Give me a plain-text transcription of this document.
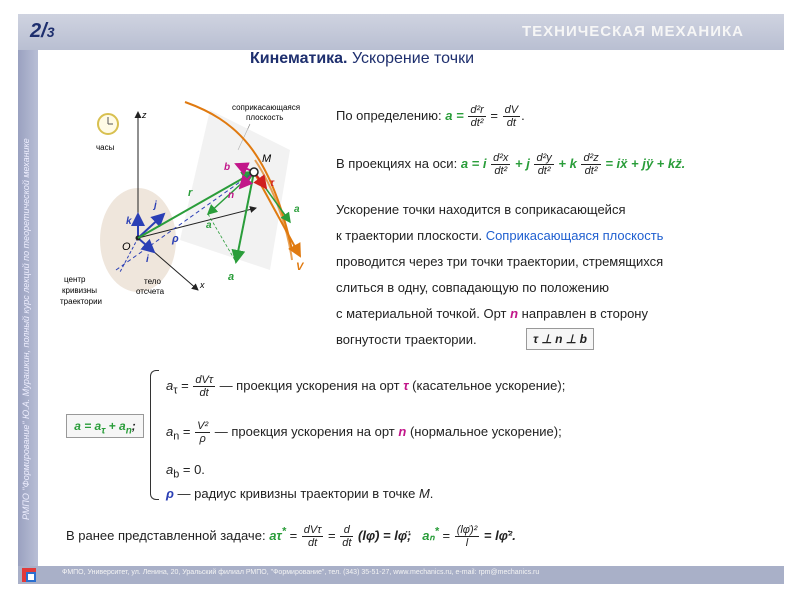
2/3	ТЕХНИЧЕСКАЯ МЕХАНИКА
РМПО "Формирование" Ю.А. Мурашкин, полный курс лекций по теоретической механике
ФМПО, Университет, ул. Ленина, 20, Уральский филиал РМПО, "Формирование", тел. (343) 35-51-27, www.mechanics.ru, e-mail: rpm@mechanics.ru
Кинематика. Ускорение точки
часы
соприкасающаяся
плоскость
z
x
k
j
i
O
r
ρ
центр
кривизны
траектории
тело
отсчета
a
a
a
V
b
n
τ
M
По определению: $a = \frac{\text{d²r}}{\text{dt²}} = \frac{dV}{dt}$ .
В проекциях на оси: a = i $\frac{\text{d²x}}{\text{dt²}} + j \frac{\text{d²y}}{\text{dt²}} + k \frac{\text{d²z}}{\text{dt²}}$ = iẍ + jÿ + kz̈.
Ускорение точки находится в соприкасающейся
к траектории плоскости. Соприкасающаяся плоскость
проводится через три точки траектории, стремящихся
слиться в одну, совпадающую по положению
с материальной точкой. Орт n направлен в сторону
вогнутости траектории.	τ ⊥ n ⊥ b
$a = a_\tau + a_n$;
$a_\tau = dV\tau$
dt
— проекция ускорения на орт τ (касательное ускорение);
$a_n = \frac{\text{V²}}{\rho}$ — проекция ускорения на орт n (нормальное ускорение);
$a_b = 0$.
ρ — радиус кривизны траектории в точке M.
В ранее представленной задаче: aτ* = dVτ
dt
= $\frac{d}{dt}$ (lφ̇) = lφ̈; $a_n^* = \frac{\text{(lφ̇)²}}{l}$ = lφ̇².
